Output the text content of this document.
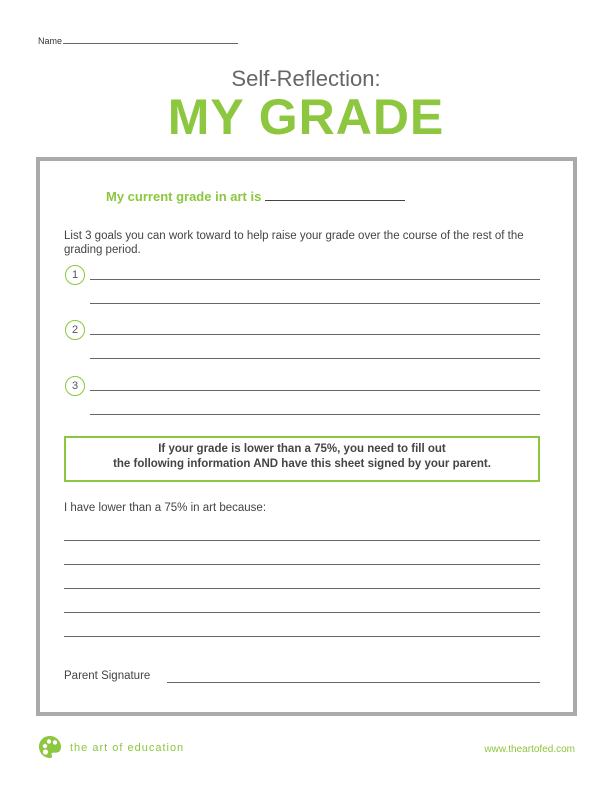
Name
Self-Reflection:
MY GRADE
My current grade in art is
List 3 goals you can work toward to help raise your grade over the course of the rest of the grading period.
1
2
3
If your grade is lower than a 75%, you need to fill out
the following information AND have this sheet signed by your parent.
I have lower than a 75% in art because:
Parent Signature
the art of education	www.theartofed.com
